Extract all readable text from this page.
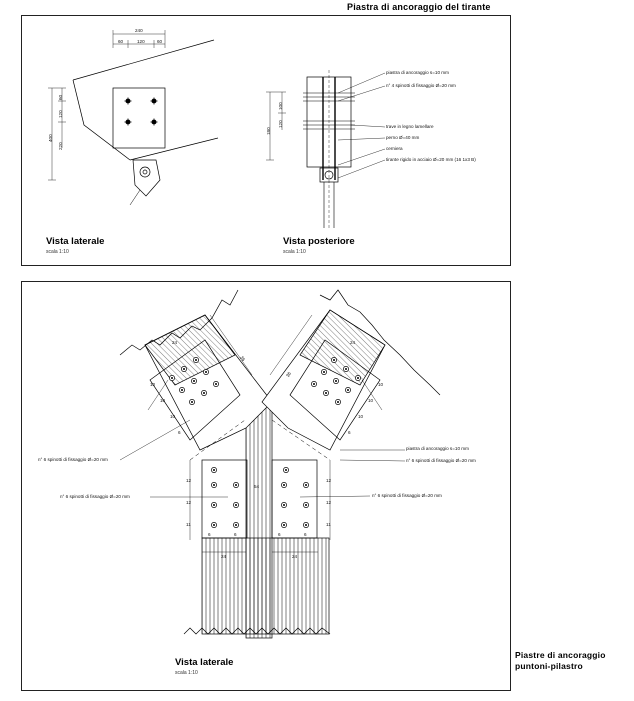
Piastra di ancoraggio del tirante
240
60	120	60
60
120
220
400
Vista laterale
scala 1:10
100
120
180
piastra di ancoraggio s=10 mm
n° 4 spinotti di fissaggio Ø=20 mm
trave in legno lamellare
perno Ø=40 mm
cerniera
tirante rigido in acciaio Ø=20 mm (16 1x3 B)
Vista posteriore
scala 1:10
n° 6 spinotti di fissaggio Ø=20 mm
n° 6 spinotti di fissaggio Ø=20 mm
piastra di ancoraggio s=10 mm
n° 6 spinotti di fissaggio Ø=20 mm
n° 6 spinotti di fissaggio Ø=20 mm
36
36
24	24
54
12
12
11
12
12
11
24	24
10
10
10
6
10
10
10
6
6	6	6	6
Vista laterale
scala 1:10
Piastre di ancoraggio
puntoni-pilastro
